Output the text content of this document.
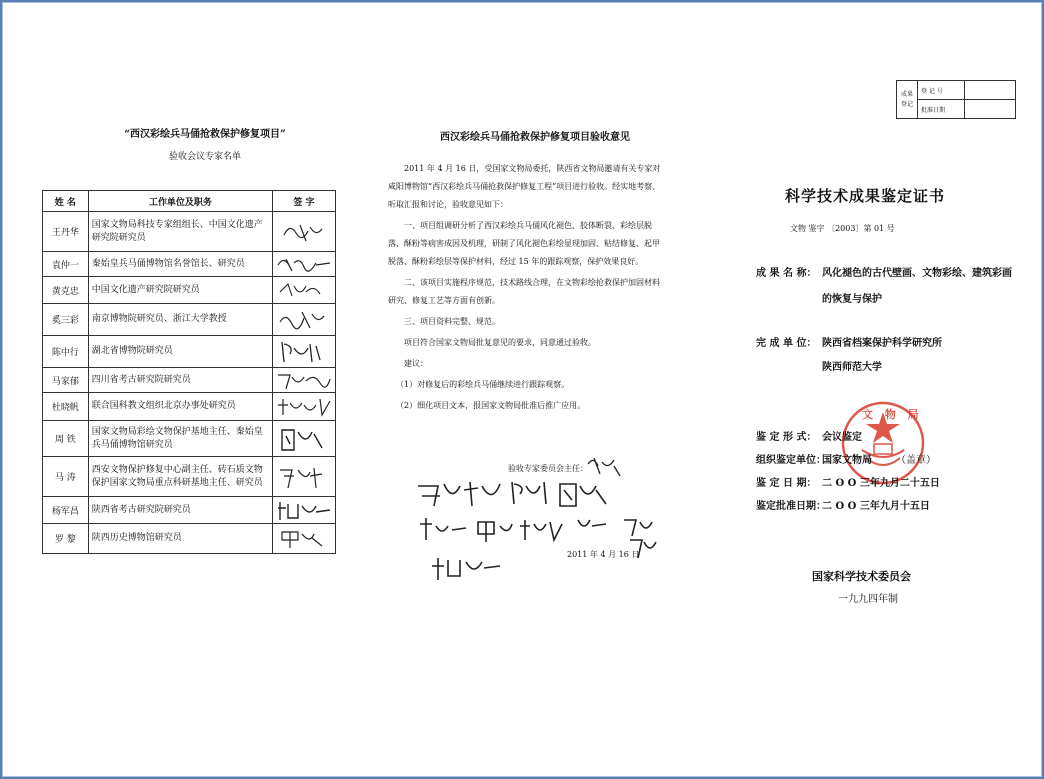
“西汉彩绘兵马俑抢救保护修复项目”
验收会议专家名单
姓 名	工作单位及职务	签 字
王丹华	国家文物局科技专家组组长、中国文化遗产研究院研究员	

袁仲一	秦始皇兵马俑博物馆名誉馆长、研究员	

黄克忠	中国文化遗产研究院研究员	

奚三彩	南京博物院研究员、浙江大学教授	

陈中行	湖北省博物院研究员	

马家郁	四川省考古研究院研究员	

杜晓帆	联合国科教文组织北京办事处研究员	

周 铁	国家文物局彩绘文物保护基地主任、秦始皇兵马俑博物馆研究员	

马 涛	西安文物保护修复中心副主任、砖石质文物保护国家文物局重点科研基地主任、研究员	

杨军昌	陕西省考古研究院研究员	

罗 黎	陕西历史博物馆研究员	
西汉彩绘兵马俑抢救保护修复项目验收意见

2011 年 4 月 16 日，受国家文物局委托，陕西省文物局邀请有关专家对咸阳博物馆“西汉彩绘兵马俑抢救保护修复工程”项目进行验收。经实地考察、听取汇报和讨论，验收意见如下：

一、项目组调研分析了西汉彩绘兵马俑风化褪色、胶体断裂、彩绘层脱落、酥粉等病害成因及机理，研制了风化褪色彩绘显现加固、粘结修复、起甲脱落、酥粉彩绘层等保护材料，经过 15 年的跟踪观察，保护效果良好。

二、该项目实施程序规范，技术路线合理，在文物彩绘抢救保护加固材料研究、修复工艺等方面有创新。

三、项目资料完整、规范。

项目符合国家文物局批复意见的要求，同意通过验收。

建议：

（1）对修复后的彩绘兵马俑继续进行跟踪观察。

（2）细化项目文本，报国家文物局批准后推广应用。

验收专家委员会主任：
2011 年 4 月 16 日
成果登记	登 记 号	
	批准日期	
科学技术成果鉴定证书
文物 鉴字 〔2003〕第 01 号
成 果 名 称： 风化褪色的古代壁画、文物彩绘、建筑彩画
的恢复与保护
完 成 单 位： 陕西省档案保护科学研究所
陕西师范大学
文 物 局
鉴 定 形 式： 会议鉴定
组织鉴定单位：
国家文物局 （盖章）
鉴 定 日 期： 二 O O 三年九月二十五日
鉴定批准日期：
二 O O 三年九月十五日
国家科学技术委员会
一九九四年制
